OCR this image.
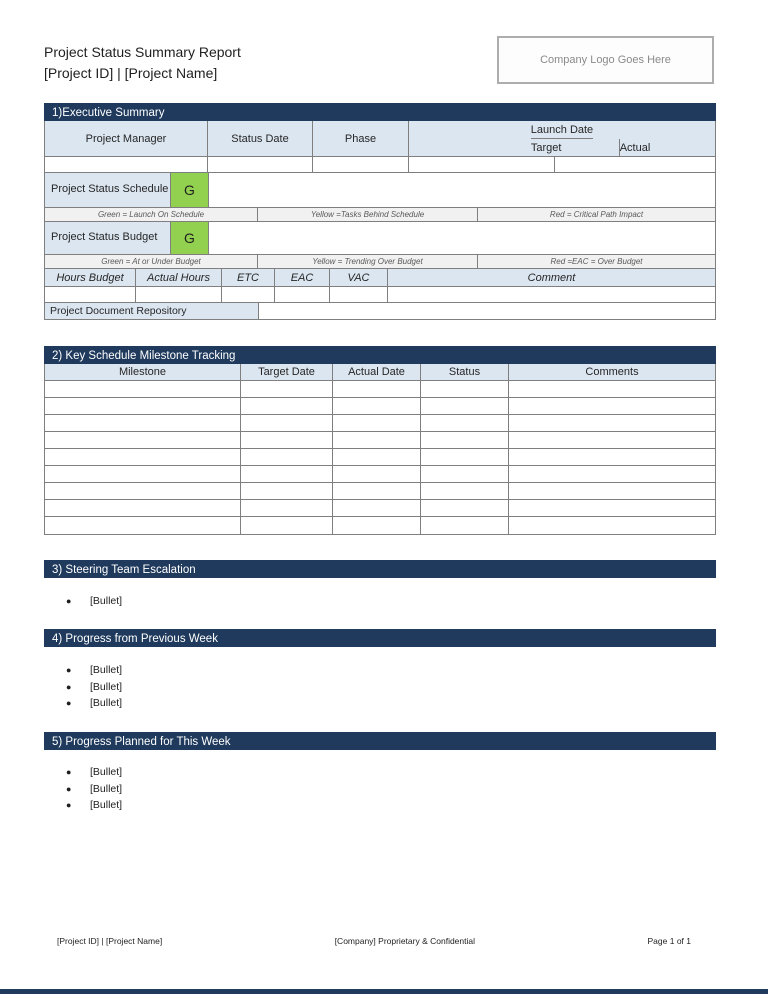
Project Status Summary Report
[Project ID] | [Project Name]
Company Logo Goes Here
1)Executive Summary
Project Manager	Status Date	Phase
Launch Date
Target	Actual
Project Status Schedule	G
Green = Launch On Schedule	Yellow =Tasks Behind Schedule	Red = Critical Path Impact
Project Status Budget	G
Green = At or Under Budget	Yellow = Trending Over Budget	Red =EAC = Over Budget
Hours Budget	Actual Hours	ETC	EAC	VAC	Comment
Project Document Repository
2) Key Schedule Milestone Tracking
Milestone	Target Date	Actual Date	Status	Comments
3) Steering Team Escalation
●	[Bullet]
4) Progress from Previous Week
●	[Bullet]
●	[Bullet]
●	[Bullet]
5) Progress Planned for This Week
●	[Bullet]
●	[Bullet]
●	[Bullet]
[Project ID] | [Project Name]	[Company] Proprietary & Confidential	Page 1 of 1
